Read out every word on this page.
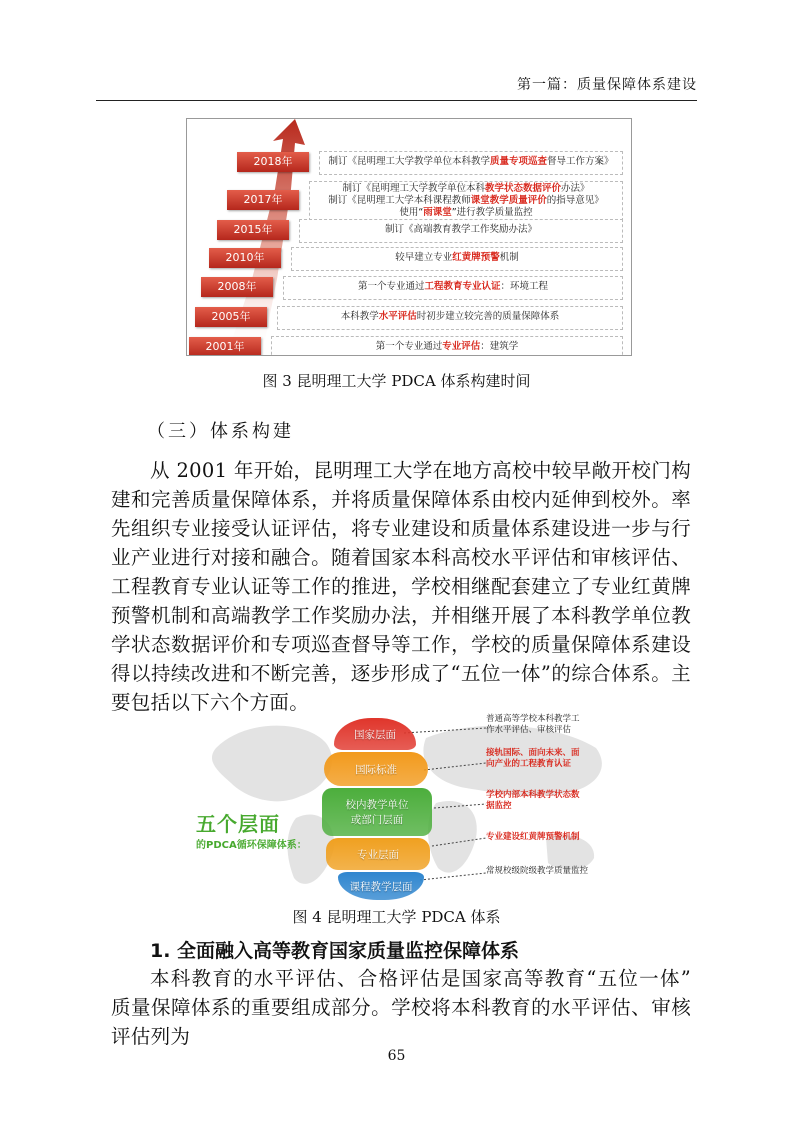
第一篇：质量保障体系建设
2018年	制订《昆明理工大学教学单位本科教学质量专项巡查督导工作方案》
2017年
制订《昆明理工大学教学单位本科教学状态数据评价办法》
制订《昆明理工大学本科课程教师课堂教学质量评价的指导意见》
使用“雨课堂”进行教学质量监控
2015年	制订《高端教育教学工作奖励办法》
2010年	较早建立专业红黄牌预警机制
2008年	第一个专业通过工程教育专业认证：环境工程
2005年	本科教学水平评估时初步建立较完善的质量保障体系
2001年	第一个专业通过专业评估：建筑学
图 3 昆明理工大学 PDCA 体系构建时间
（三）体系构建

从 2001 年开始，昆明理工大学在地方高校中较早敞开校门构建和完善质量保障体系，并将质量保障体系由校内延伸到校外。率先组织专业接受认证评估，将专业建设和质量体系建设进一步与行业产业进行对接和融合。随着国家本科高校水平评估和审核评估、工程教育专业认证等工作的推进，学校相继配套建立了专业红黄牌预警机制和高端教学工作奖励办法，并相继开展了本科教学单位教学状态数据评价和专项巡查督导等工作，学校的质量保障体系建设得以持续改进和不断完善，逐步形成了“五位一体”的综合体系。主要包括以下六个方面。

五个层面
的PDCA循环保障体系：
国家层面
国际标准
校内教学单位
或部门层面
专业层面
课程教学层面
普通高等学校本科教学工
作水平评估、审核评估
接轨国际、面向未来、面
向产业的工程教育认证
学校内部本科教学状态数
据监控
专业建设红黄牌预警机制
常规校级院级教学质量监控
图 4 昆明理工大学 PDCA 体系
1. 全面融入高等教育国家质量监控保障体系

本科教育的水平评估、合格评估是国家高等教育“五位一体” 质量保障体系的重要组成部分。学校将本科教育的水平评估、审核评估列为

65
